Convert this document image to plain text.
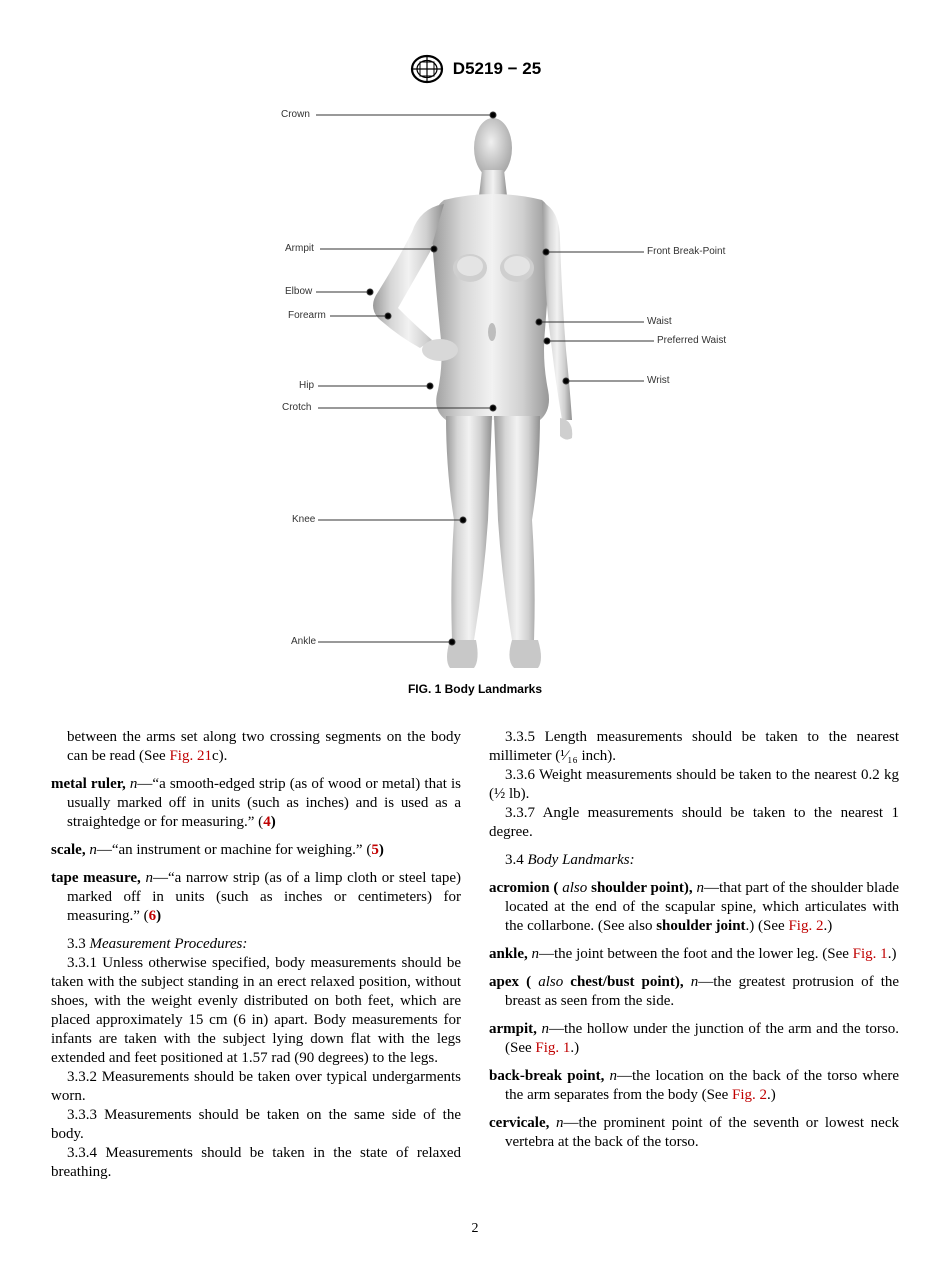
D5219 − 25
Crown
Armpit
Elbow
Forearm
Hip
Crotch
Knee
Ankle
Front Break-Point
Waist
Preferred Waist
Wrist
FIG. 1 Body Landmarks

between the arms set along two crossing segments on the body can be read (See Fig. 21c).

metal ruler, n—“a smooth-edged strip (as of wood or metal) that is usually marked off in units (such as inches) and is used as a straightedge or for measuring.” (4)

scale, n—“an instrument or machine for weighing.” (5)

tape measure, n—“a narrow strip (as of a limp cloth or steel tape) marked off in units (such as inches or centimeters) for measuring.” (6)

3.3 Measurement Procedures:

3.3.1 Unless otherwise specified, body measurements should be taken with the subject standing in an erect relaxed position, without shoes, with the weight evenly distributed on both feet, which are placed approximately 15 cm (6 in) apart. Body measurements for infants are taken with the subject lying down flat with the legs extended and feet positioned at 1.57 rad (90 degrees) to the legs.

3.3.2 Measurements should be taken over typical undergarments worn.

3.3.3 Measurements should be taken on the same side of the body.

3.3.4 Measurements should be taken in the state of relaxed breathing.

3.3.5 Length measurements should be taken to the nearest millimeter (¹⁄₁₆ inch).

3.3.6 Weight measurements should be taken to the nearest 0.2 kg (½ lb).

3.3.7 Angle measurements should be taken to the nearest 1 degree.

3.4 Body Landmarks:

acromion ( also shoulder point), n—that part of the shoulder blade located at the end of the scapular spine, which articulates with the collarbone. (See also shoulder joint.) (See Fig. 2.)

ankle, n—the joint between the foot and the lower leg. (See Fig. 1.)

apex ( also chest/bust point), n—the greatest protrusion of the breast as seen from the side.

armpit, n—the hollow under the junction of the arm and the torso. (See Fig. 1.)

back-break point, n—the location on the back of the torso where the arm separates from the body (See Fig. 2.)

cervicale, n—the prominent point of the seventh or lowest neck vertebra at the back of the torso.

2
